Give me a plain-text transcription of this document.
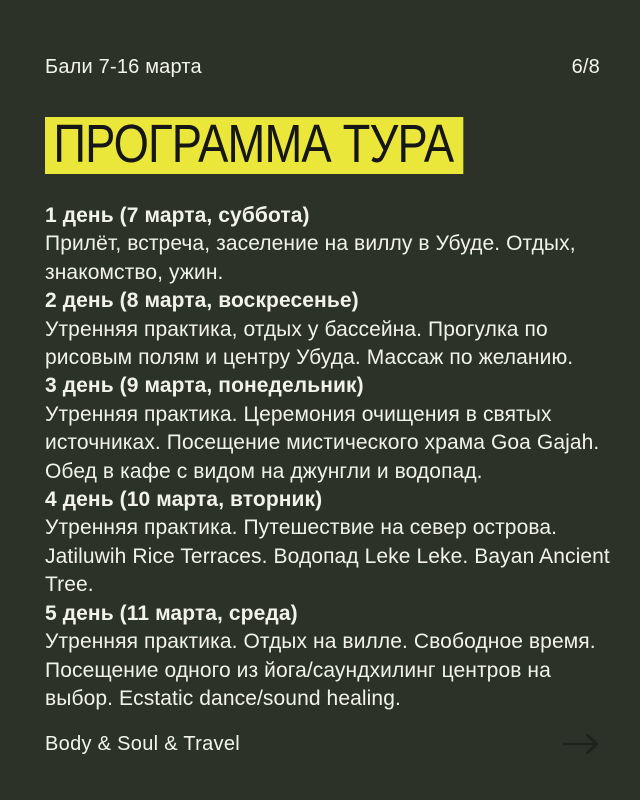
Бали 7-16 марта	6/8
ПРОГРАММА ТУРА

1 день (7 марта, суббота)

Прилёт, встреча, заселение на виллу в Убуде. Отдых, знакомство, ужин.

2 день (8 марта, воскресенье)

Утренняя практика, отдых у бассейна. Прогулка по рисовым полям и центру Убуда. Массаж по желанию.

3 день (9 марта, понедельник)

Утренняя практика. Церемония очищения в святых источниках. Посещение мистического храма Goa Gajah. Обед в кафе с видом на джунгли и водопад.

4 день (10 марта, вторник)

Утренняя практика. Путешествие на север острова. Jatiluwih Rice Terraces. Водопад Leke Leke. Bayan Ancient Tree.

5 день (11 марта, среда)

Утренняя практика. Отдых на вилле. Свободное время. Посещение одного из йога/саундхилинг центров на выбор. Ecstatic dance/sound healing.

Body & Soul & Travel
